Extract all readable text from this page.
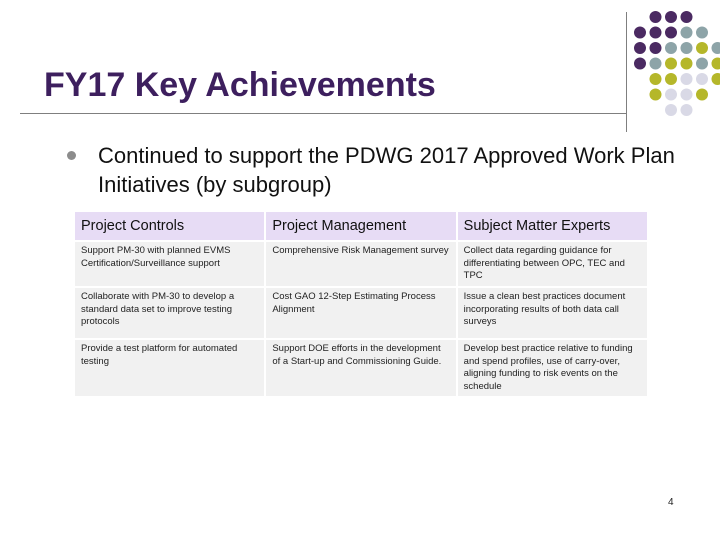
FY17 Key Achievements
Continued to support the PDWG 2017 Approved Work Plan Initiatives (by subgroup)
Project Controls	Project Management	Subject Matter Experts
Support PM-30 with planned EVMS Certification/Surveillance support	Comprehensive Risk Management survey	Collect data regarding guidance for differentiating between OPC, TEC and TPC
Collaborate with PM-30 to develop a standard data set to improve testing protocols	Cost GAO 12-Step Estimating Process Alignment	Issue a clean best practices document incorporating results of both data call surveys
Provide a test platform for automated testing	Support DOE efforts in the development of a Start-up and Commissioning Guide.	Develop best practice relative to funding and spend profiles, use of carry-over, aligning funding to risk events on the schedule
4
